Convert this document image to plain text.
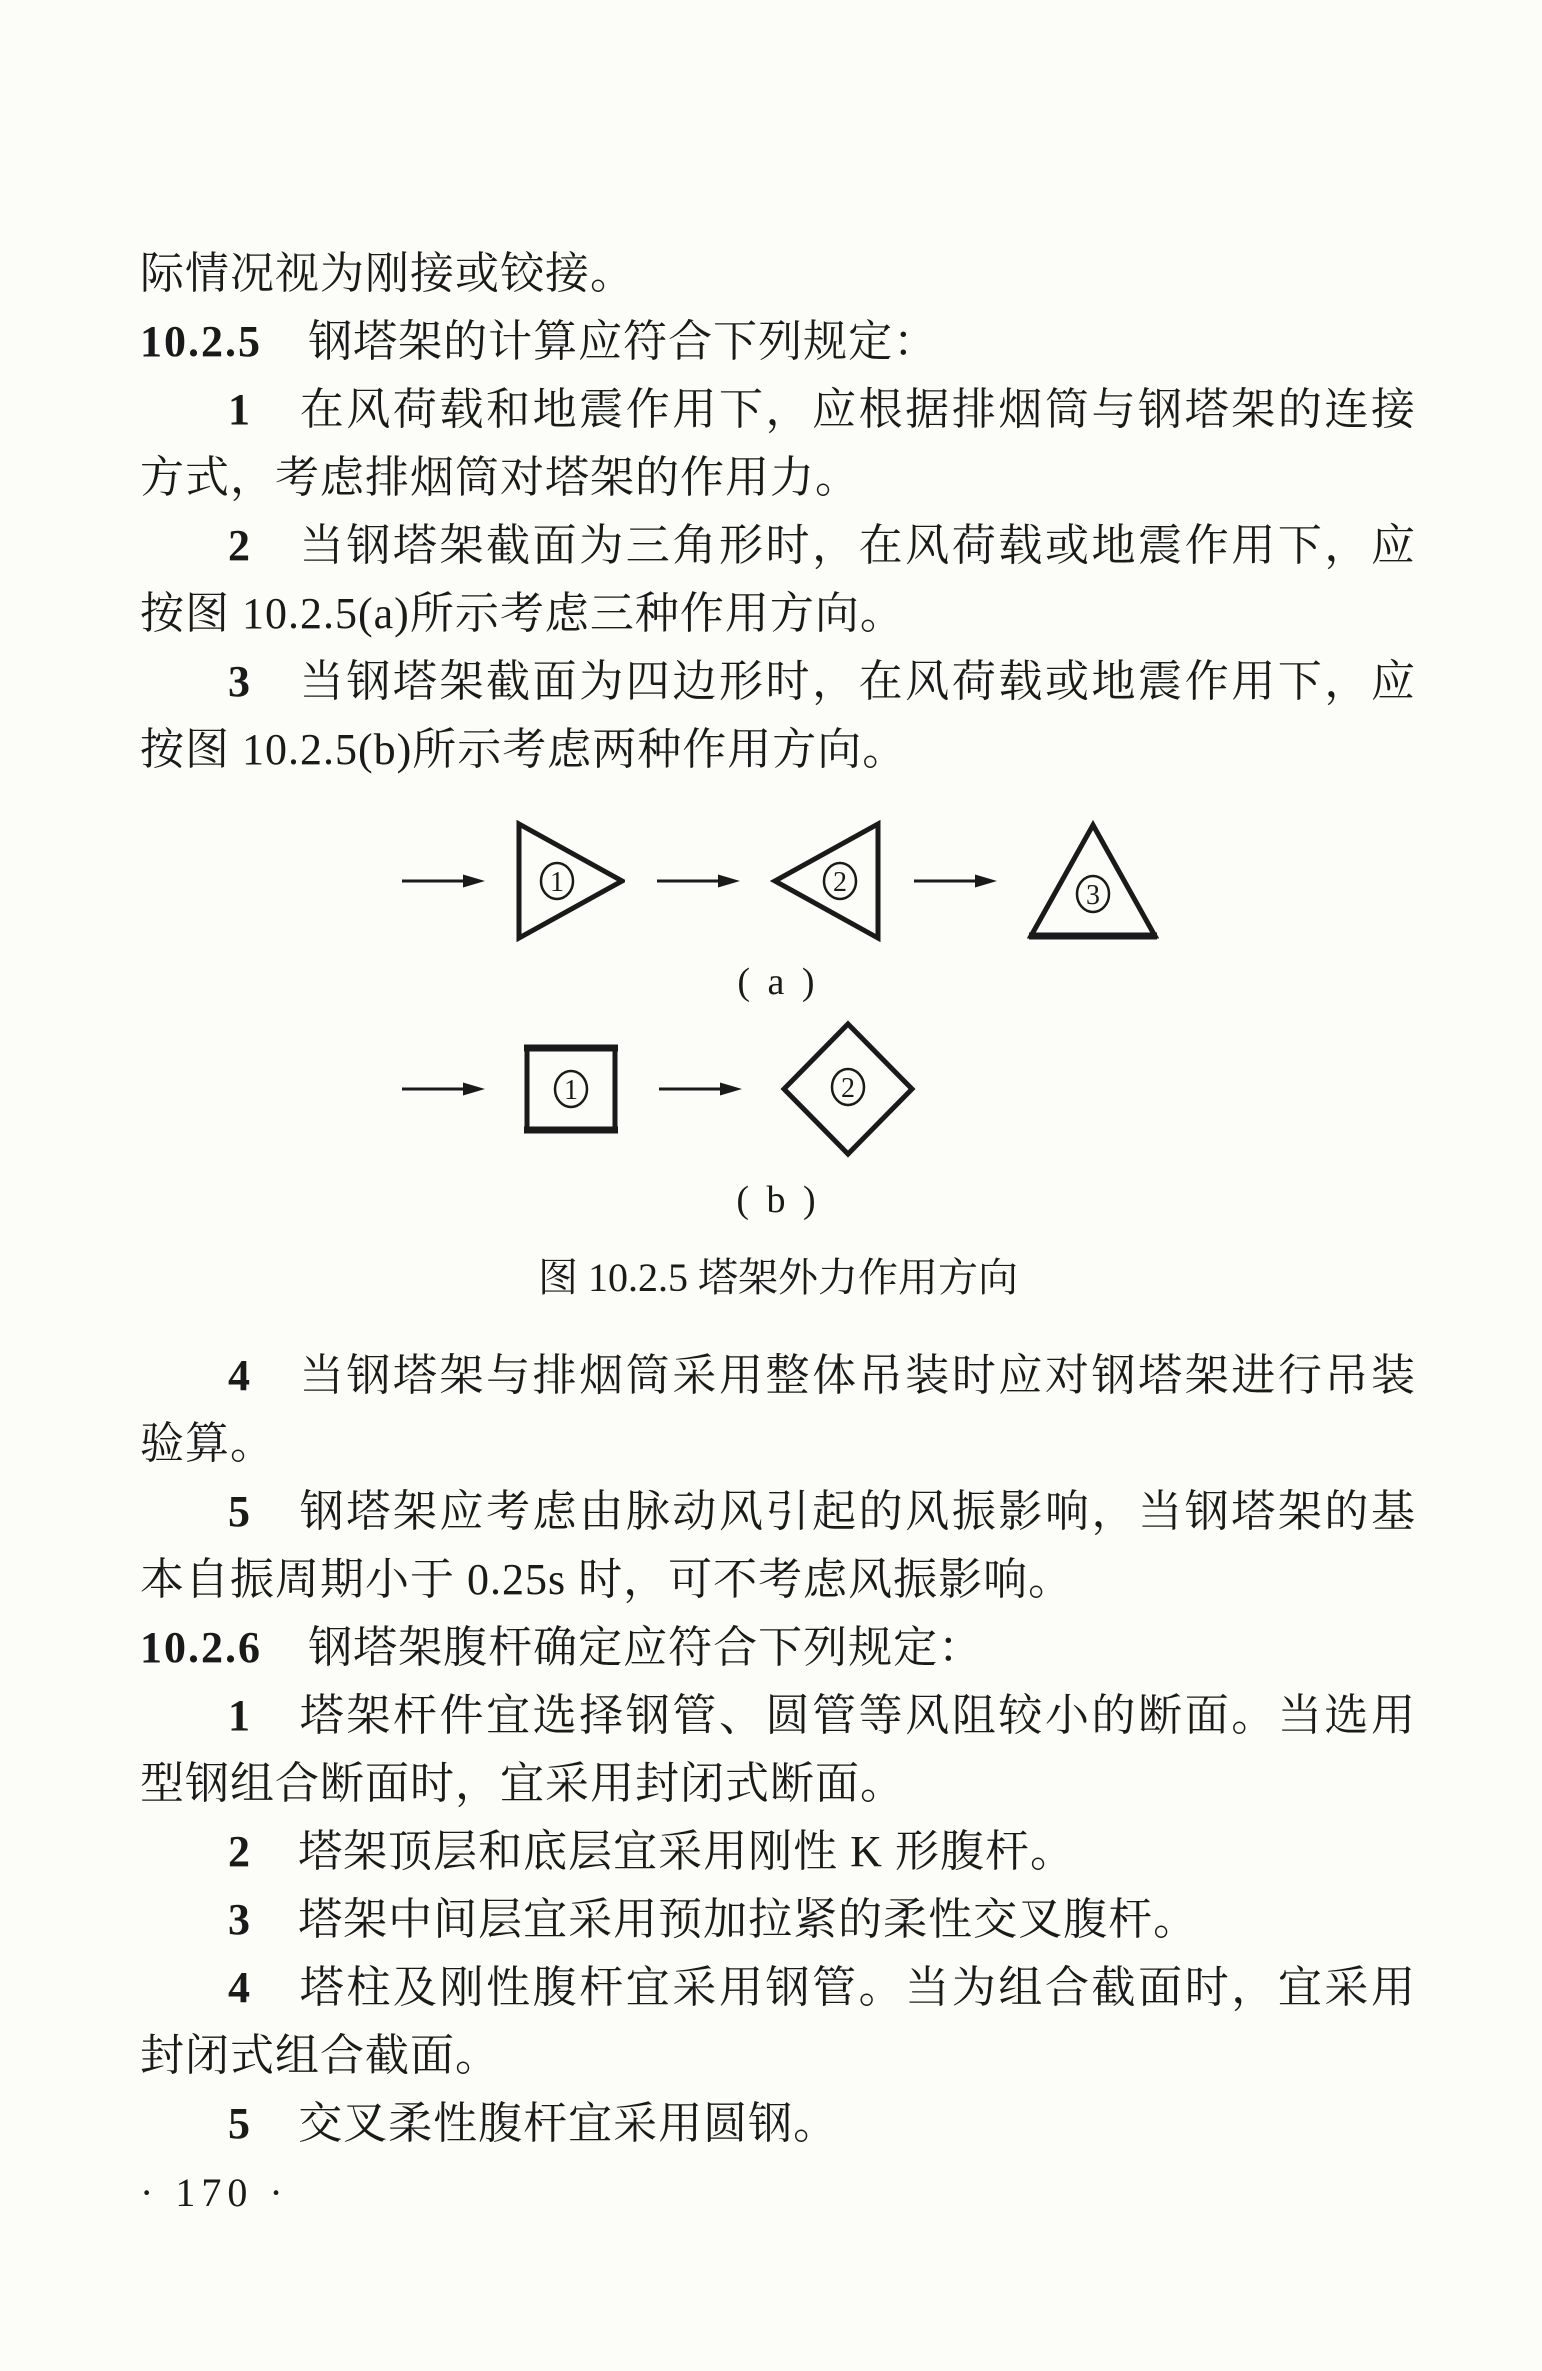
际情况视为刚接或铰接。

10.2.5 钢塔架的计算应符合下列规定：

1 在风荷载和地震作用下，应根据排烟筒与钢塔架的连接方式，考虑排烟筒对塔架的作用力。

2 当钢塔架截面为三角形时，在风荷载或地震作用下，应按图 10.2.5(a)所示考虑三种作用方向。

3 当钢塔架截面为四边形时，在风荷载或地震作用下，应按图 10.2.5(b)所示考虑两种作用方向。

1	2	3
( a )
1	2
( b )
图 10.2.5 塔架外力作用方向

4 当钢塔架与排烟筒采用整体吊装时应对钢塔架进行吊装验算。

5 钢塔架应考虑由脉动风引起的风振影响，当钢塔架的基本自振周期小于 0.25s 时，可不考虑风振影响。

10.2.6 钢塔架腹杆确定应符合下列规定：

1 塔架杆件宜选择钢管、圆管等风阻较小的断面。当选用型钢组合断面时，宜采用封闭式断面。

2 塔架顶层和底层宜采用刚性 K 形腹杆。

3 塔架中间层宜采用预加拉紧的柔性交叉腹杆。

4 塔柱及刚性腹杆宜采用钢管。当为组合截面时，宜采用封闭式组合截面。

5 交叉柔性腹杆宜采用圆钢。

· 170 ·
